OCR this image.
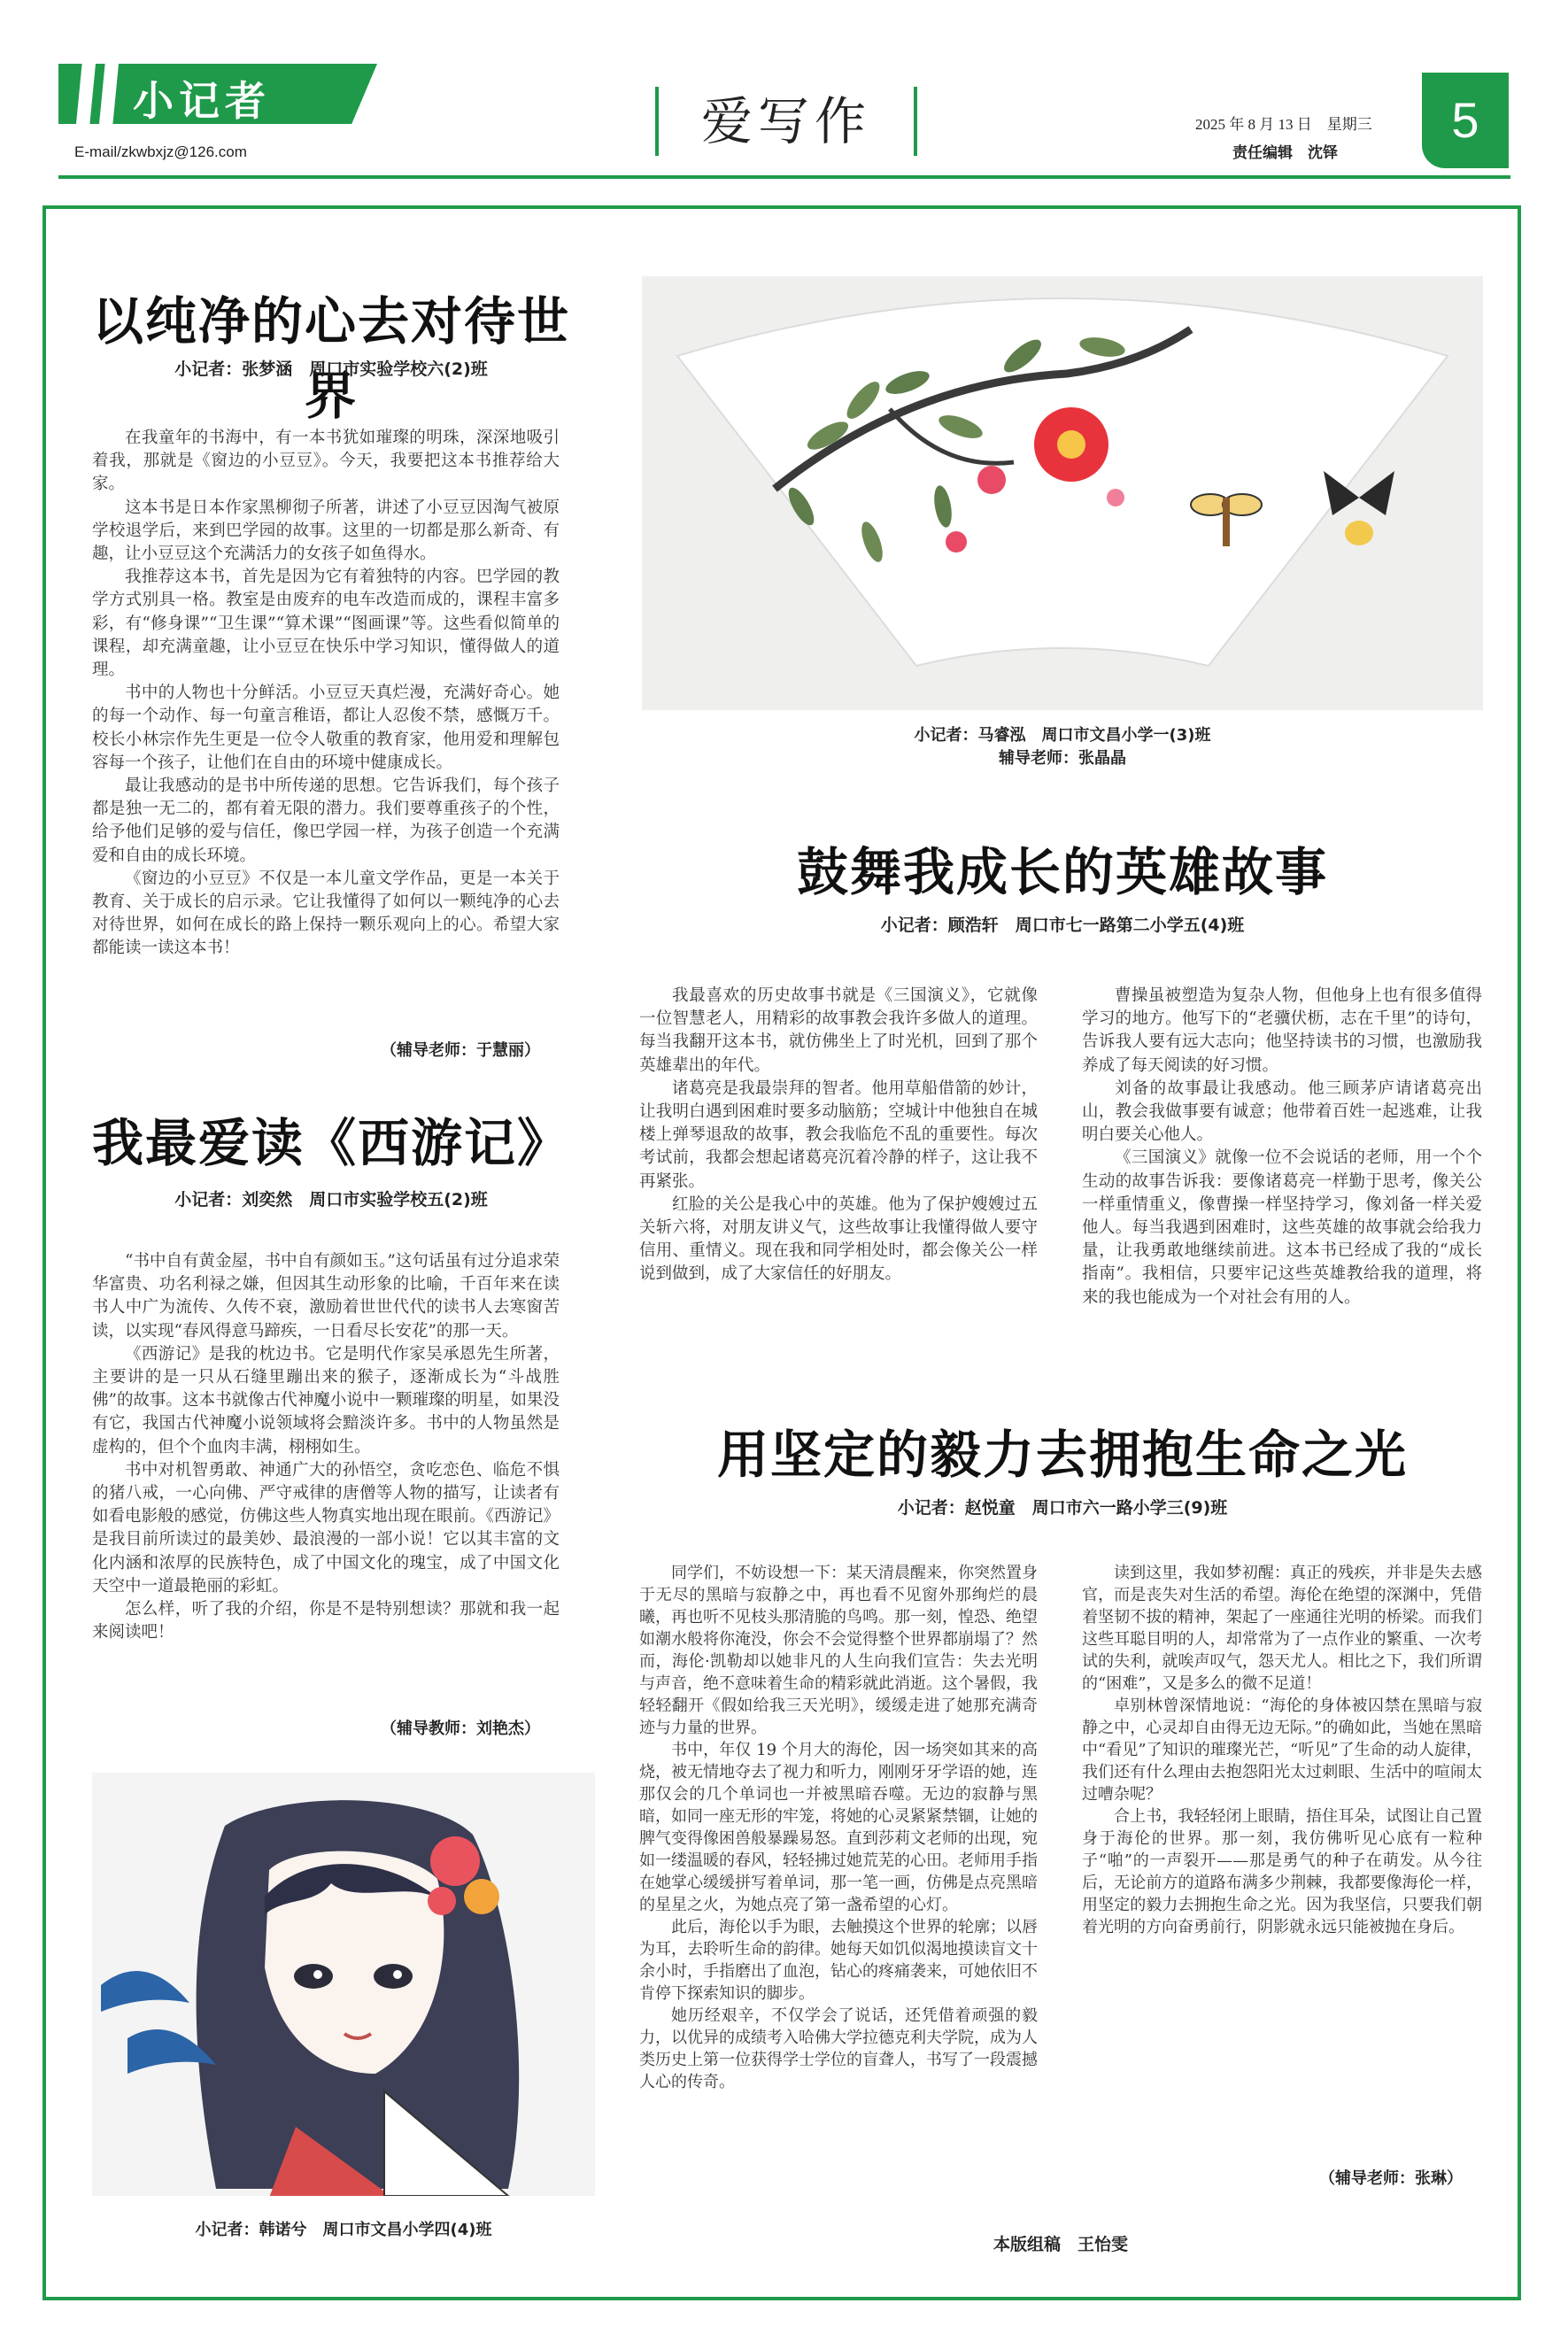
小记者
E-mail/zkwbxjz@126.com
爱写作	2025 年 8 月 13 日　星期三
责任编辑　沈铎
5
以纯净的心去对待世界
小记者：张梦涵　周口市实验学校六(2)班

在我童年的书海中，有一本书犹如璀璨的明珠，深深地吸引着我，那就是《窗边的小豆豆》。今天，我要把这本书推荐给大家。

这本书是日本作家黑柳彻子所著，讲述了小豆豆因淘气被原学校退学后，来到巴学园的故事。这里的一切都是那么新奇、有趣，让小豆豆这个充满活力的女孩子如鱼得水。

我推荐这本书，首先是因为它有着独特的内容。巴学园的教学方式别具一格。教室是由废弃的电车改造而成的，课程丰富多彩，有“修身课”“卫生课”“算术课”“图画课”等。这些看似简单的课程，却充满童趣，让小豆豆在快乐中学习知识，懂得做人的道理。

书中的人物也十分鲜活。小豆豆天真烂漫，充满好奇心。她的每一个动作、每一句童言稚语，都让人忍俊不禁，感慨万千。校长小林宗作先生更是一位令人敬重的教育家，他用爱和理解包容每一个孩子，让他们在自由的环境中健康成长。

最让我感动的是书中所传递的思想。它告诉我们，每个孩子都是独一无二的，都有着无限的潜力。我们要尊重孩子的个性，给予他们足够的爱与信任，像巴学园一样，为孩子创造一个充满爱和自由的成长环境。

《窗边的小豆豆》不仅是一本儿童文学作品，更是一本关于教育、关于成长的启示录。它让我懂得了如何以一颗纯净的心去对待世界，如何在成长的路上保持一颗乐观向上的心。希望大家都能读一读这本书！

（辅导老师：于慧丽）
我最爱读《西游记》
小记者：刘奕然　周口市实验学校五(2)班

“书中自有黄金屋，书中自有颜如玉。”这句话虽有过分追求荣华富贵、功名利禄之嫌，但因其生动形象的比喻，千百年来在读书人中广为流传、久传不衰，激励着世世代代的读书人去寒窗苦读，以实现“春风得意马蹄疾，一日看尽长安花”的那一天。

《西游记》是我的枕边书。它是明代作家吴承恩先生所著，主要讲的是一只从石缝里蹦出来的猴子，逐渐成长为“斗战胜佛”的故事。这本书就像古代神魔小说中一颗璀璨的明星，如果没有它，我国古代神魔小说领域将会黯淡许多。书中的人物虽然是虚构的，但个个血肉丰满，栩栩如生。

书中对机智勇敢、神通广大的孙悟空，贪吃恋色、临危不惧的猪八戒，一心向佛、严守戒律的唐僧等人物的描写，让读者有如看电影般的感觉，仿佛这些人物真实地出现在眼前。《西游记》是我目前所读过的最美妙、最浪漫的一部小说！它以其丰富的文化内涵和浓厚的民族特色，成了中国文化的瑰宝，成了中国文化天空中一道最艳丽的彩虹。

怎么样，听了我的介绍，你是不是特别想读？那就和我一起来阅读吧！

（辅导教师：刘艳杰）
小记者：韩诺兮　周口市文昌小学四(4)班
小记者：马睿泓　周口市文昌小学一(3)班
辅导老师：张晶晶
鼓舞我成长的英雄故事
小记者：顾浩轩　周口市七一路第二小学五(4)班

我最喜欢的历史故事书就是《三国演义》，它就像一位智慧老人，用精彩的故事教会我许多做人的道理。每当我翻开这本书，就仿佛坐上了时光机，回到了那个英雄辈出的年代。

诸葛亮是我最崇拜的智者。他用草船借箭的妙计，让我明白遇到困难时要多动脑筋；空城计中他独自在城楼上弹琴退敌的故事，教会我临危不乱的重要性。每次考试前，我都会想起诸葛亮沉着冷静的样子，这让我不再紧张。

红脸的关公是我心中的英雄。他为了保护嫂嫂过五关斩六将，对朋友讲义气，这些故事让我懂得做人要守信用、重情义。现在我和同学相处时，都会像关公一样说到做到，成了大家信任的好朋友。

曹操虽被塑造为复杂人物，但他身上也有很多值得学习的地方。他写下的“老骥伏枥，志在千里”的诗句，告诉我人要有远大志向；他坚持读书的习惯，也激励我养成了每天阅读的好习惯。

刘备的故事最让我感动。他三顾茅庐请诸葛亮出山，教会我做事要有诚意；他带着百姓一起逃难，让我明白要关心他人。

《三国演义》就像一位不会说话的老师，用一个个生动的故事告诉我：要像诸葛亮一样勤于思考，像关公一样重情重义，像曹操一样坚持学习，像刘备一样关爱他人。每当我遇到困难时，这些英雄的故事就会给我力量，让我勇敢地继续前进。这本书已经成了我的“成长指南”。我相信，只要牢记这些英雄教给我的道理，将来的我也能成为一个对社会有用的人。

用坚定的毅力去拥抱生命之光
小记者：赵悦童　周口市六一路小学三(9)班

同学们，不妨设想一下：某天清晨醒来，你突然置身于无尽的黑暗与寂静之中，再也看不见窗外那绚烂的晨曦，再也听不见枝头那清脆的鸟鸣。那一刻，惶恐、绝望如潮水般将你淹没，你会不会觉得整个世界都崩塌了？然而，海伦·凯勒却以她非凡的人生向我们宣告：失去光明与声音，绝不意味着生命的精彩就此消逝。这个暑假，我轻轻翻开《假如给我三天光明》，缓缓走进了她那充满奇迹与力量的世界。

书中，年仅 19 个月大的海伦，因一场突如其来的高烧，被无情地夺去了视力和听力，刚刚牙牙学语的她，连那仅会的几个单词也一并被黑暗吞噬。无边的寂静与黑暗，如同一座无形的牢笼，将她的心灵紧紧禁锢，让她的脾气变得像困兽般暴躁易怒。直到莎莉文老师的出现，宛如一缕温暖的春风，轻轻拂过她荒芜的心田。老师用手指在她掌心缓缓拼写着单词，那一笔一画，仿佛是点亮黑暗的星星之火，为她点亮了第一盏希望的心灯。

此后，海伦以手为眼，去触摸这个世界的轮廓；以唇为耳，去聆听生命的韵律。她每天如饥似渴地摸读盲文十余小时，手指磨出了血泡，钻心的疼痛袭来，可她依旧不肯停下探索知识的脚步。

她历经艰辛，不仅学会了说话，还凭借着顽强的毅力，以优异的成绩考入哈佛大学拉德克利夫学院，成为人类历史上第一位获得学士学位的盲聋人，书写了一段震撼人心的传奇。

读到这里，我如梦初醒：真正的残疾，并非是失去感官，而是丧失对生活的希望。海伦在绝望的深渊中，凭借着坚韧不拔的精神，架起了一座通往光明的桥梁。而我们这些耳聪目明的人，却常常为了一点作业的繁重、一次考试的失利，就唉声叹气，怨天尤人。相比之下，我们所谓的“困难”，又是多么的微不足道！

卓别林曾深情地说：“海伦的身体被囚禁在黑暗与寂静之中，心灵却自由得无边无际。”的确如此，当她在黑暗中“看见”了知识的璀璨光芒，“听见”了生命的动人旋律，我们还有什么理由去抱怨阳光太过刺眼、生活中的喧闹太过嘈杂呢？

合上书，我轻轻闭上眼睛，捂住耳朵，试图让自己置身于海伦的世界。那一刻，我仿佛听见心底有一粒种子“啪”的一声裂开——那是勇气的种子在萌发。从今往后，无论前方的道路布满多少荆棘，我都要像海伦一样，用坚定的毅力去拥抱生命之光。因为我坚信，只要我们朝着光明的方向奋勇前行，阴影就永远只能被抛在身后。

（辅导老师：张琳）
本版组稿　王怡雯
